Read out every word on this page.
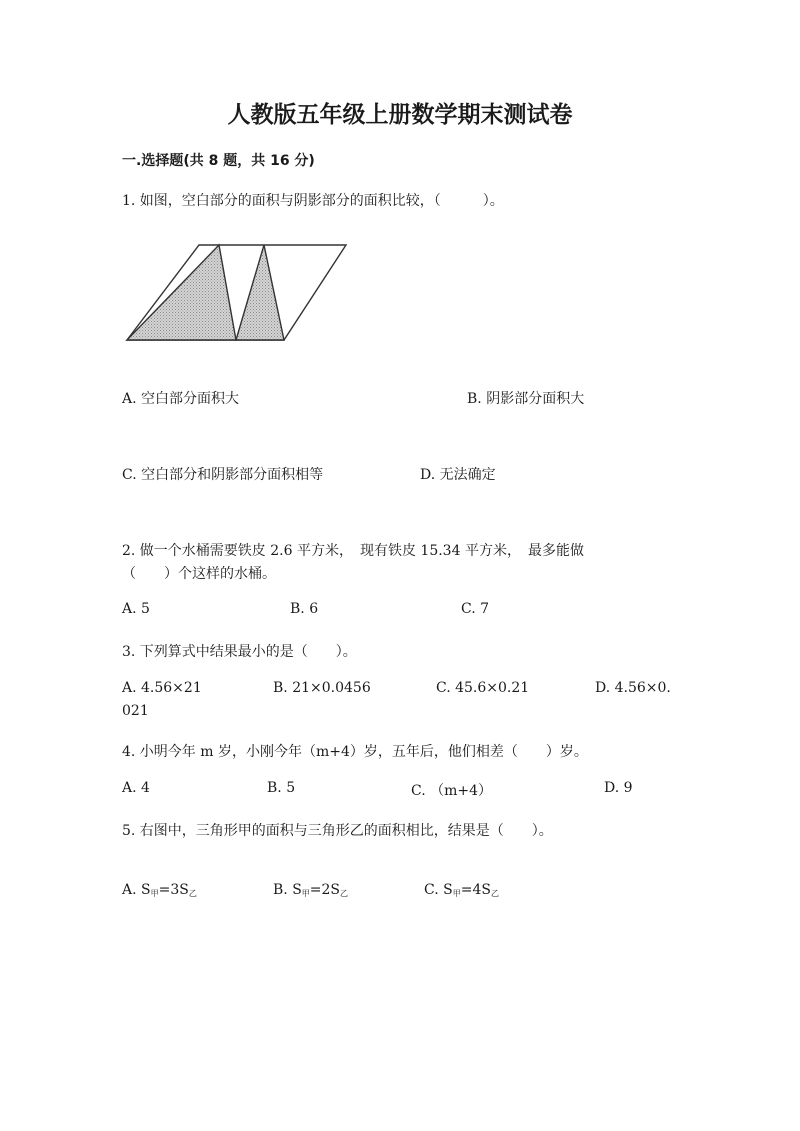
人教版五年级上册数学期末测试卷
一.选择题(共 8 题，共 16 分)
1. 如图，空白部分的面积与阴影部分的面积比较，（　　　）。
A. 空白部分面积大	B. 阴影部分面积大
C. 空白部分和阴影部分面积相等	D. 无法确定
2. 做一个水桶需要铁皮 2.6 平方米，　现有铁皮 15.34 平方米，　最多能做
（　　）个这样的水桶。
A. 5	B. 6	C. 7
3. 下列算式中结果最小的是（　　）。
A. 4.56×21	B. 21×0.0456	C. 45.6×0.21	D. 4.56×0.
021
4. 小明今年 m 岁，小刚今年（m+4）岁，五年后，他们相差（　　）岁。
A. 4	B. 5	C. （m+4）	D. 9
5. 右图中，三角形甲的面积与三角形乙的面积相比，结果是（　　）。
A. $S_甲=3S_乙$	B. $S_甲=2S_乙$	C. $S_甲=4S_乙$
